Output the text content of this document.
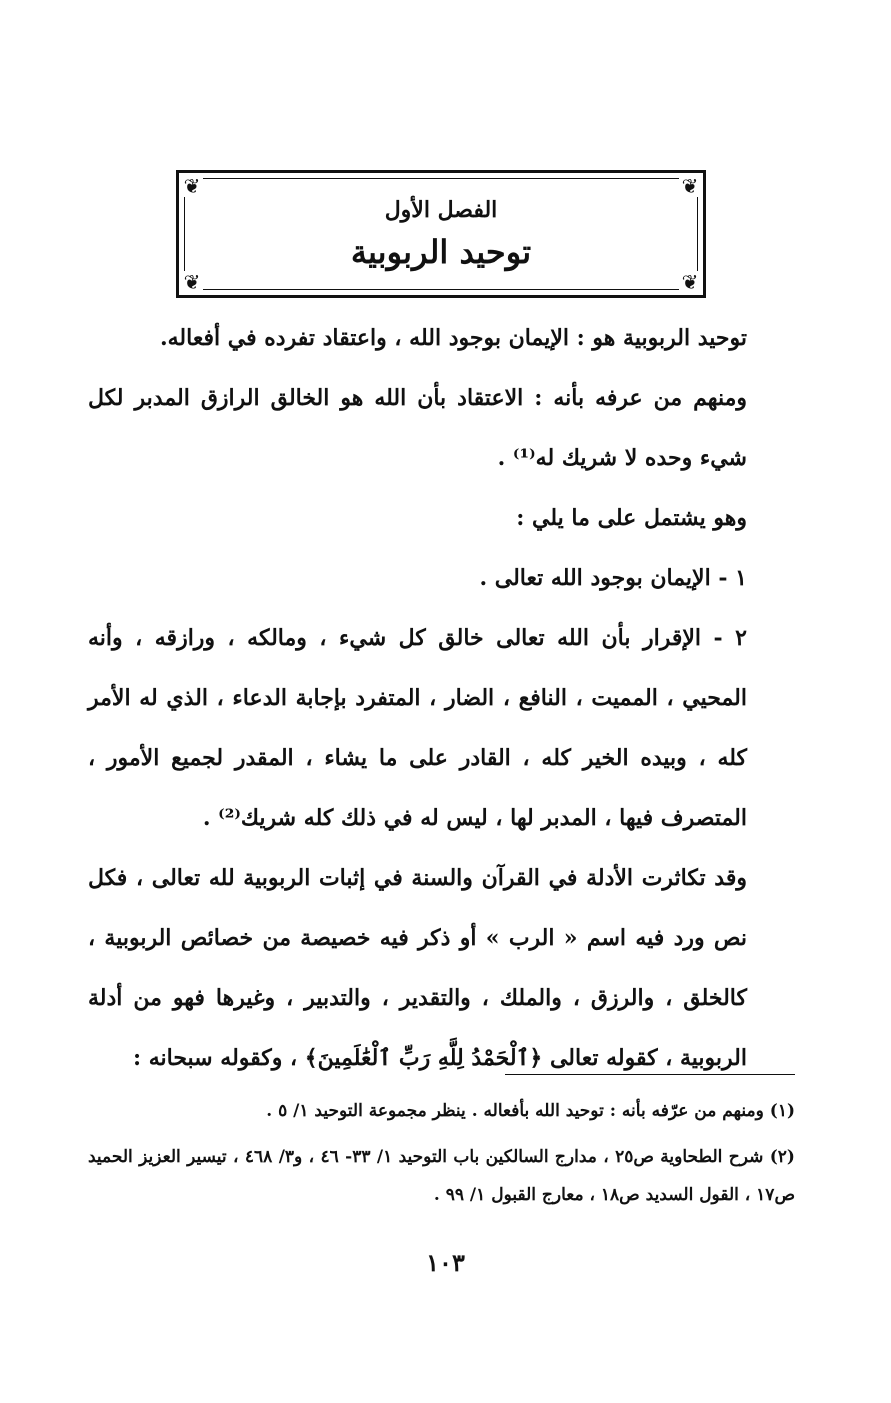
❦	❦
❦	❦
الفصل الأول
توحيد الربوبية

توحيد الربوبية هو : الإيمان بوجود الله ، واعتقاد تفرده في أفعاله.

ومنهم من عرفه بأنه : الاعتقاد بأن الله هو الخالق الرازق المدبر لكل شيء وحده لا شريك له⁽¹⁾ .

وهو يشتمل على ما يلي :

١ - الإيمان بوجود الله تعالى .

٢ - الإقرار بأن الله تعالى خالق كل شيء ، ومالكه ، ورازقه ، وأنه المحيي ، المميت ، النافع ، الضار ، المتفرد بإجابة الدعاء ، الذي له الأمر كله ، وبيده الخير كله ، القادر على ما يشاء ، المقدر لجميع الأمور ، المتصرف فيها ، المدبر لها ، ليس له في ذلك كله شريك⁽²⁾ .

وقد تكاثرت الأدلة في القرآن والسنة في إثبات الربوبية لله تعالى ، فكل نص ورد فيه اسم « الرب » أو ذكر فيه خصيصة من خصائص الربوبية ، كالخلق ، والرزق ، والملك ، والتقدير ، والتدبير ، وغيرها فهو من أدلة الربوبية ، كقوله تعالى ﴿ٱلْحَمْدُ لِلَّهِ رَبِّ ٱلْعَٰلَمِينَ﴾ ، وكقوله سبحانه :

(١) ومنهم من عرّفه بأنه : توحيد الله بأفعاله . ينظر مجموعة التوحيد ١/ ٥ .

(٢) شرح الطحاوية ص٢٥ ، مدارج السالكين باب التوحيد ١/ ٣٣- ٤٦ ، و٣/ ٤٦٨ ، تيسير العزيز الحميد ص١٧ ، القول السديد ص١٨ ، معارج القبول ١/ ٩٩ .

١٠٣
